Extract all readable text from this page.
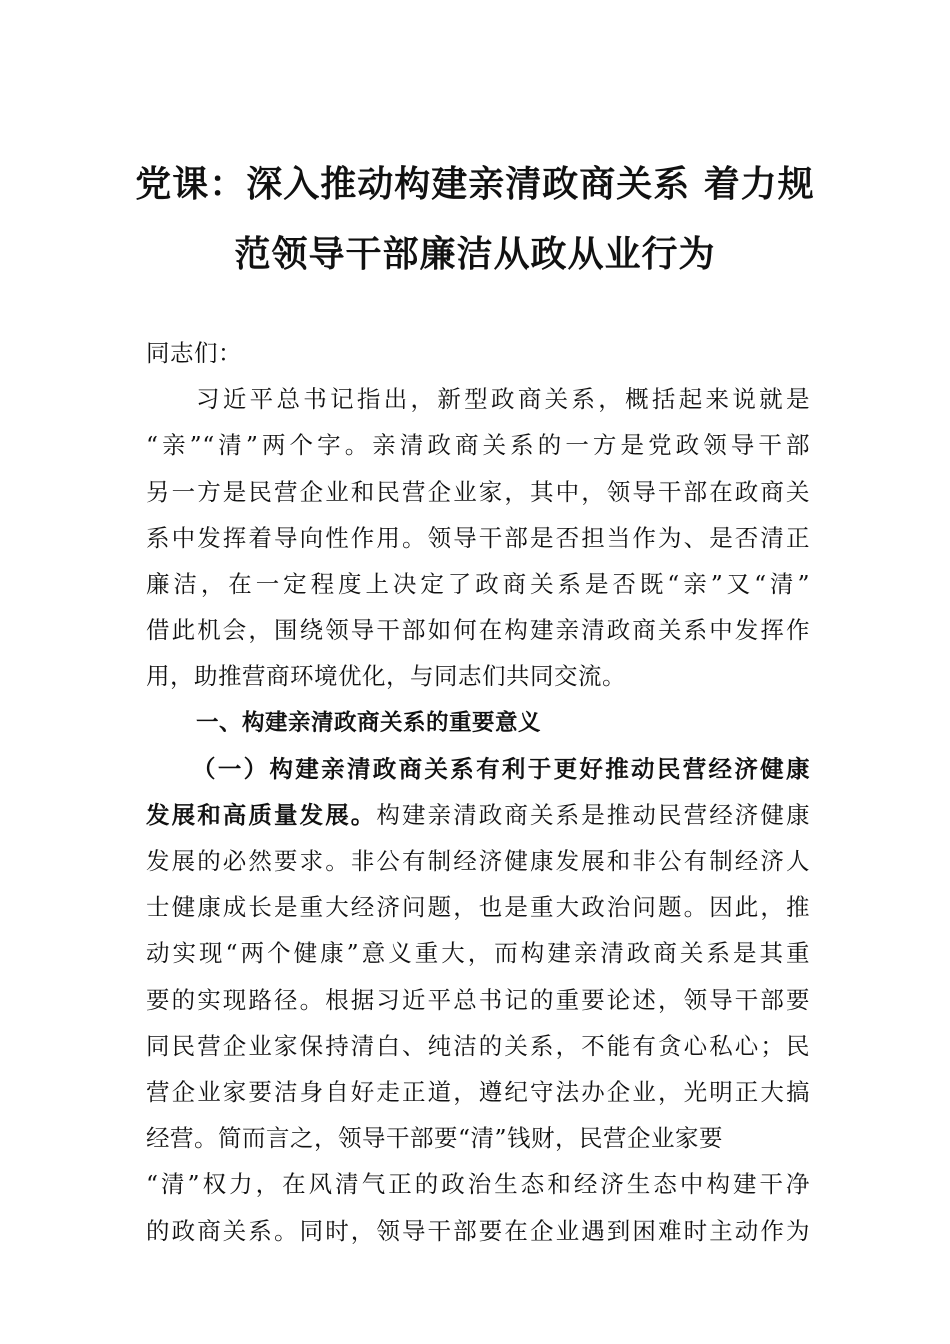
党课：深入推动构建亲清政商关系 着力规
范领导干部廉洁从政从业行为
同志们：
习近平总书记指出，新型政商关系，概括起来说就是
“亲”“清”两个字。亲清政商关系的一方是党政领导干部
另一方是民营企业和民营企业家，其中，领导干部在政商关
系中发挥着导向性作用。领导干部是否担当作为、是否清正
廉洁，在一定程度上决定了政商关系是否既“亲”又“清”
借此机会，围绕领导干部如何在构建亲清政商关系中发挥作
用，助推营商环境优化，与同志们共同交流。
一、构建亲清政商关系的重要意义
（一）构建亲清政商关系有利于更好推动民营经济健康
发展和高质量发展。构建亲清政商关系是推动民营经济健康
发展的必然要求。非公有制经济健康发展和非公有制经济人
士健康成长是重大经济问题，也是重大政治问题。因此，推
动实现“两个健康”意义重大，而构建亲清政商关系是其重
要的实现路径。根据习近平总书记的重要论述，领导干部要
同民营企业家保持清白、纯洁的关系，不能有贪心私心；民
营企业家要洁身自好走正道，遵纪守法办企业，光明正大搞
经营。简而言之，领导干部要“清”钱财，民营企业家要
“清”权力，在风清气正的政治生态和经济生态中构建干净
的政商关系。同时，领导干部要在企业遇到困难时主动作为
